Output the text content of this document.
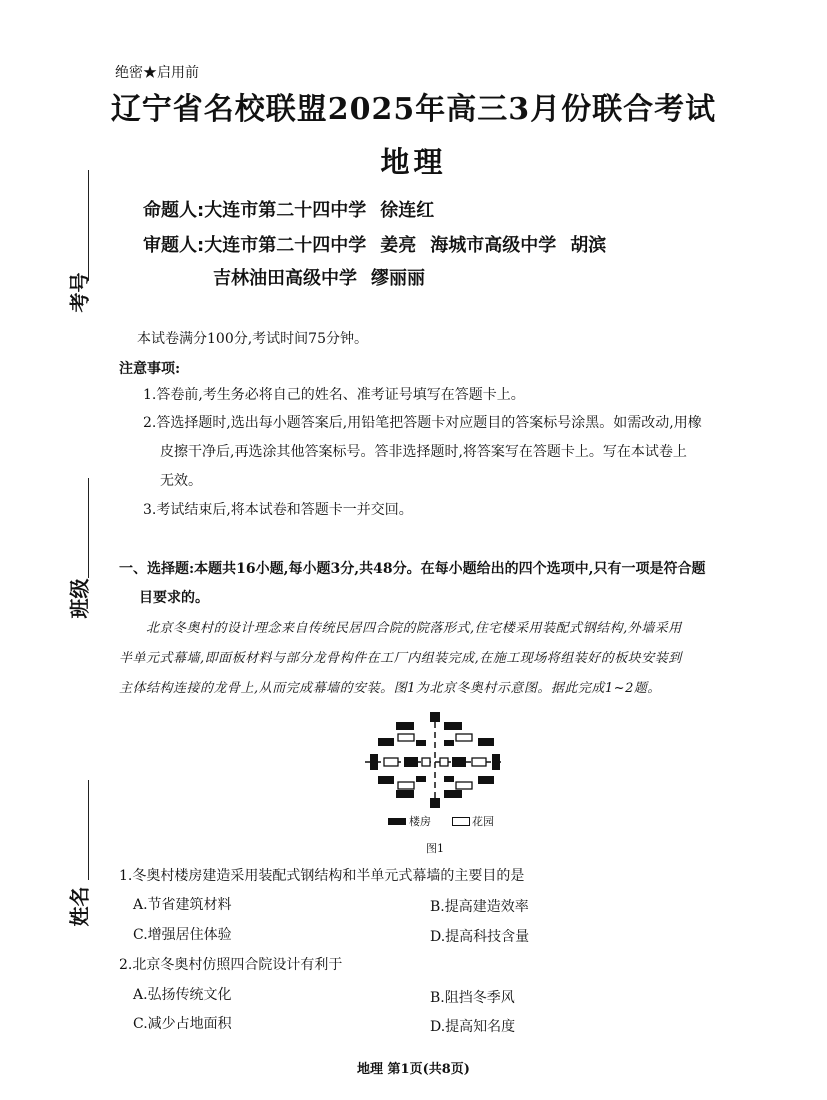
考号
班级
姓名
绝密★启用前
辽宁省名校联盟2025年高三3月份联合考试
地理
命题人:大连市第二十四中学 徐连红
审题人:大连市第二十四中学 姜亮 海城市高级中学 胡滨
吉林油田高级中学 缪丽丽
本试卷满分100分,考试时间75分钟。
注意事项:
1.答卷前,考生务必将自己的姓名、准考证号填写在答题卡上。
2.答选择题时,选出每小题答案后,用铅笔把答题卡对应题目的答案标号涂黑。如需改动,用橡
皮擦干净后,再选涂其他答案标号。答非选择题时,将答案写在答题卡上。写在本试卷上
无效。
3.考试结束后,将本试卷和答题卡一并交回。
一、选择题:本题共16小题,每小题3分,共48分。在每小题给出的四个选项中,只有一项是符合题
目要求的。
北京冬奥村的设计理念来自传统民居四合院的院落形式,住宅楼采用装配式钢结构,外墙采用
半单元式幕墙,即面板材料与部分龙骨构件在工厂内组装完成,在施工现场将组装好的板块安装到
主体结构连接的龙骨上,从而完成幕墙的安装。图1为北京冬奥村示意图。据此完成1~2题。
楼房	花园
图1
1.冬奥村楼房建造采用装配式钢结构和半单元式幕墙的主要目的是
A.节省建筑材料	B.提高建造效率
C.增强居住体验	D.提高科技含量
2.北京冬奥村仿照四合院设计有利于
A.弘扬传统文化	B.阻挡冬季风
C.减少占地面积	D.提高知名度
地理 第1页(共8页)
